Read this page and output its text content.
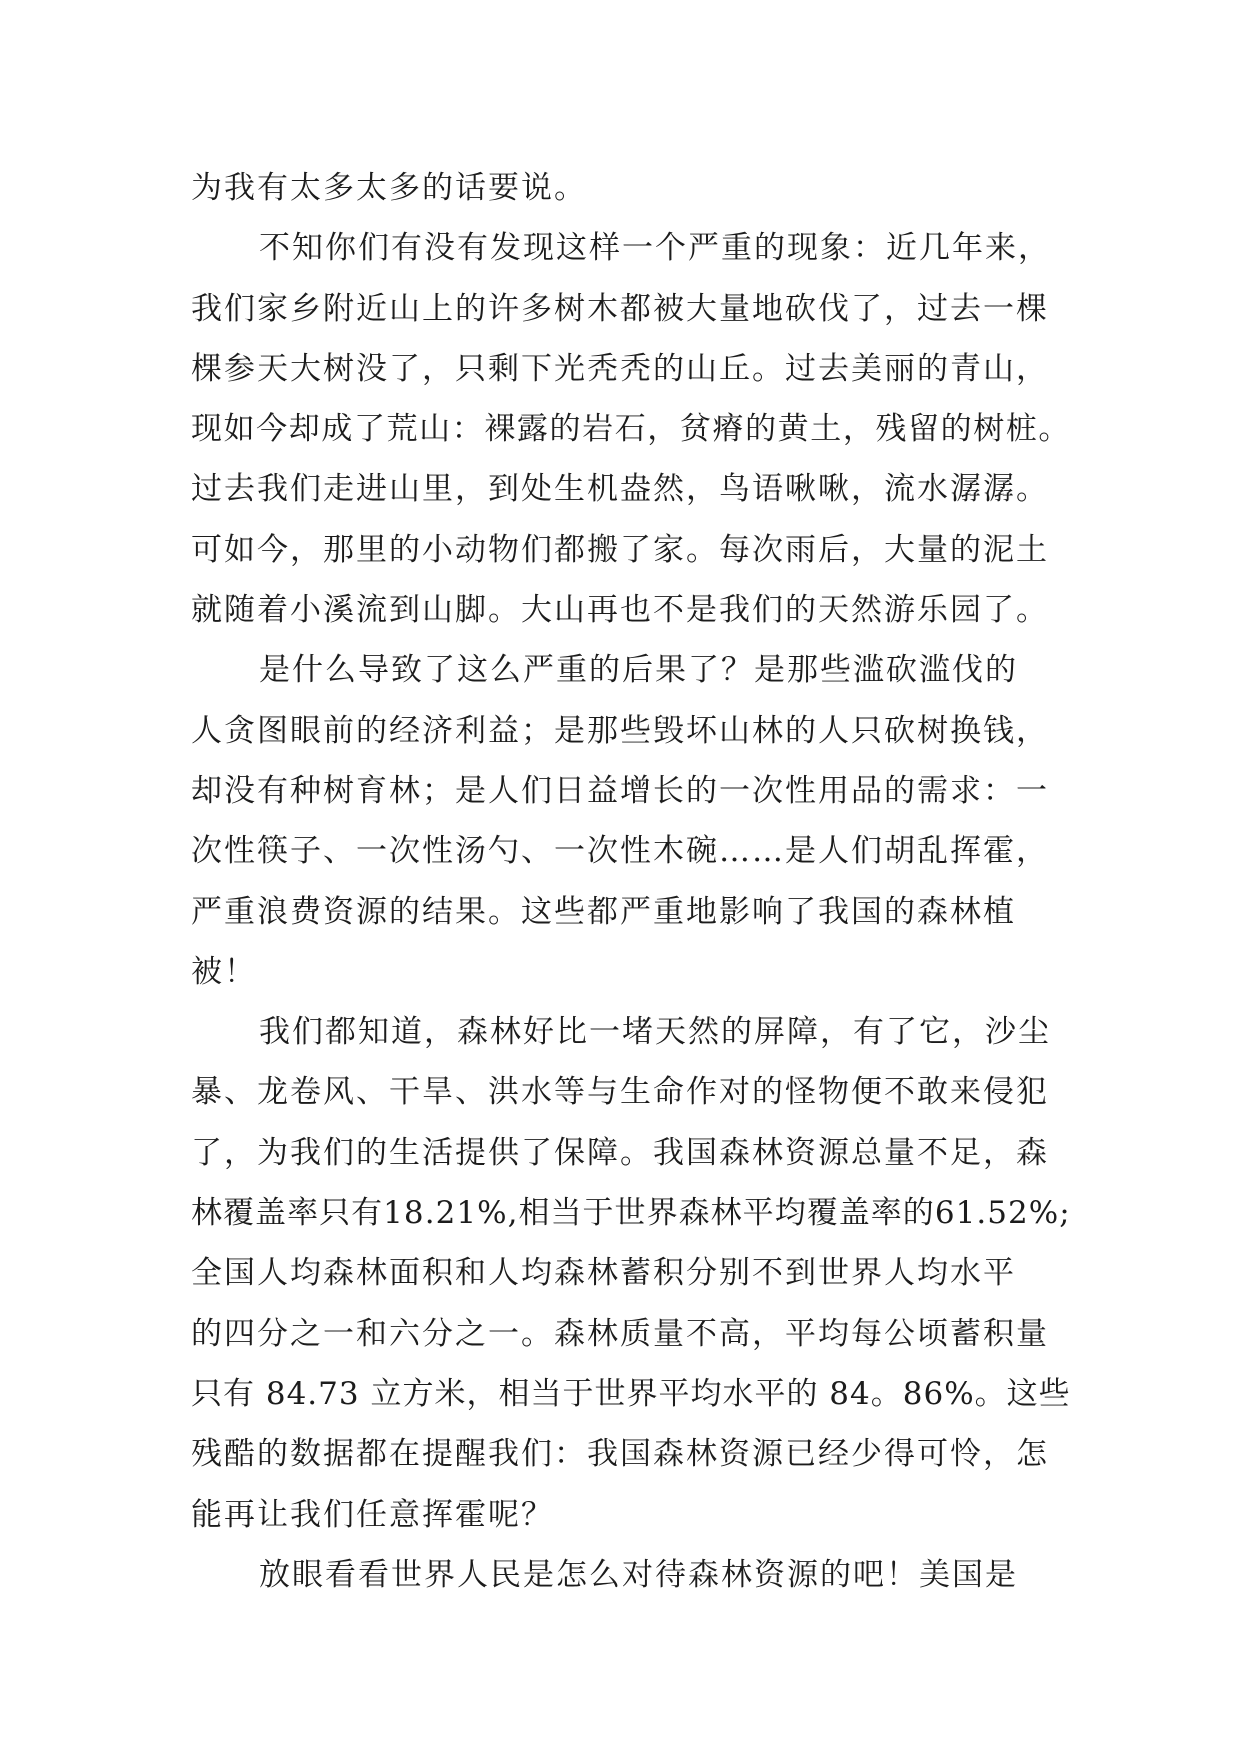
为我有太多太多的话要说。
不知你们有没有发现这样一个严重的现象：近几年来，
我们家乡附近山上的许多树木都被大量地砍伐了，过去一棵
棵参天大树没了，只剩下光秃秃的山丘。过去美丽的青山，
现如今却成了荒山：裸露的岩石，贫瘠的黄土，残留的树桩。
过去我们走进山里，到处生机盎然，鸟语啾啾，流水潺潺。
可如今，那里的小动物们都搬了家。每次雨后，大量的泥土
就随着小溪流到山脚。大山再也不是我们的天然游乐园了。
是什么导致了这么严重的后果了？是那些滥砍滥伐的
人贪图眼前的经济利益；是那些毁坏山林的人只砍树换钱，
却没有种树育林；是人们日益增长的一次性用品的需求：一
次性筷子、一次性汤勺、一次性木碗……是人们胡乱挥霍，
严重浪费资源的结果。这些都严重地影响了我国的森林植
被！
我们都知道，森林好比一堵天然的屏障，有了它，沙尘
暴、龙卷风、干旱、洪水等与生命作对的怪物便不敢来侵犯
了，为我们的生活提供了保障。我国森林资源总量不足，森
林覆盖率只有18.21%,相当于世界森林平均覆盖率的61.52%;
全国人均森林面积和人均森林蓄积分别不到世界人均水平
的四分之一和六分之一。森林质量不高，平均每公顷蓄积量
只有 84.73 立方米，相当于世界平均水平的 84。86%。这些
残酷的数据都在提醒我们：我国森林资源已经少得可怜，怎
能再让我们任意挥霍呢？
放眼看看世界人民是怎么对待森林资源的吧！美国是
